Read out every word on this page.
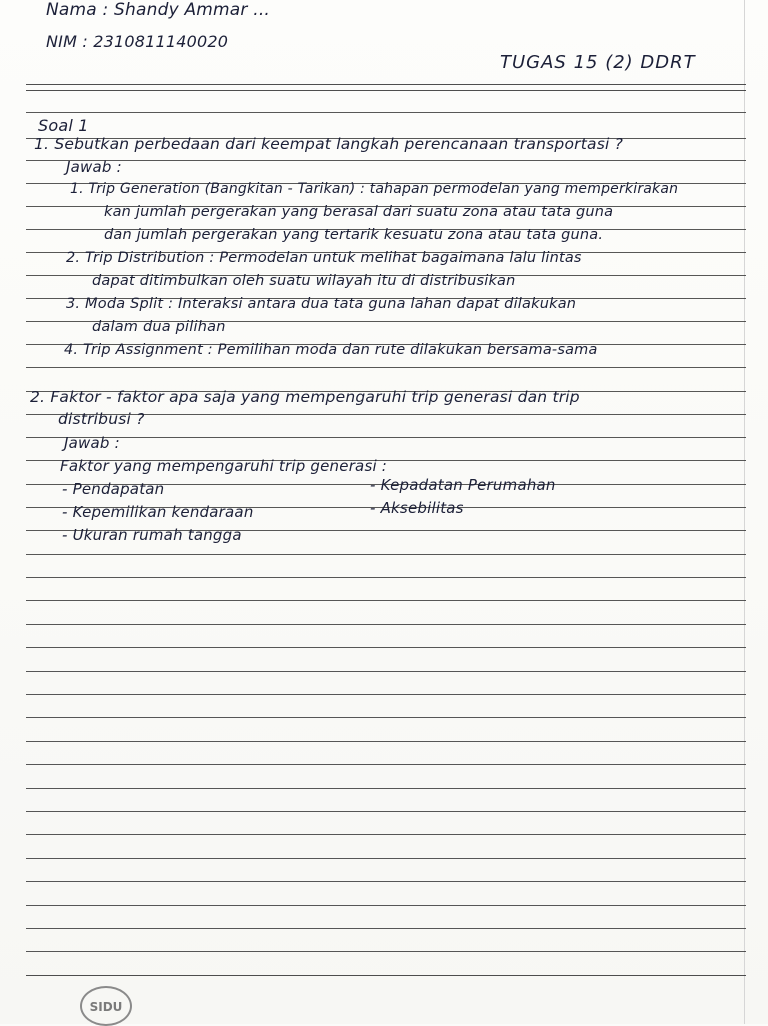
Nama : Shandy Ammar ...
NIM : 2310811140020
TUGAS 15 (2) DDRT
Soal 1
1. Sebutkan perbedaan dari keempat langkah perencanaan transportasi ?
Jawab :
1. Trip Generation (Bangkitan - Tarikan) : tahapan permodelan yang memperkirakan
kan jumlah pergerakan yang berasal dari suatu zona atau tata guna
dan jumlah pergerakan yang tertarik kesuatu zona atau tata guna.
2. Trip Distribution : Permodelan untuk melihat bagaimana lalu lintas
dapat ditimbulkan oleh suatu wilayah itu di distribusikan
3. Moda Split : Interaksi antara dua tata guna lahan dapat dilakukan
dalam dua pilihan
4. Trip Assignment : Pemilihan moda dan rute dilakukan bersama-sama
2. Faktor - faktor apa saja yang mempengaruhi trip generasi dan trip
distribusi ?
Jawab :
Faktor yang mempengaruhi trip generasi :
- Pendapatan
- Kepemilikan kendaraan
- Ukuran rumah tangga
- Kepadatan Perumahan
- Aksebilitas
SIDU
